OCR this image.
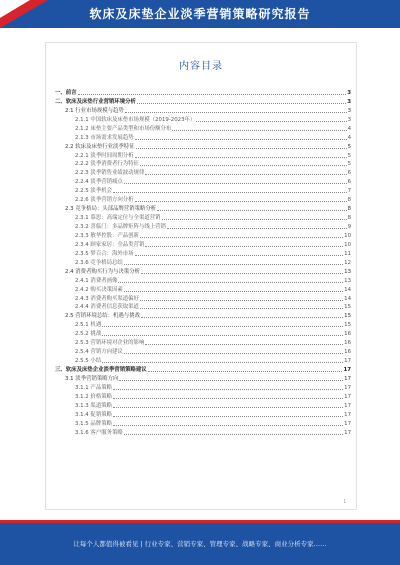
软床及床垫企业淡季营销策略研究报告
内容目录
一、前言	3
二、软床及床垫行业营销环境分析	3
2.1 行业市场规模与趋势	3
2.1.1 中国软床及床垫市场规模（2019-2023年）	3
2.1.2 床垫主要产品类型和市场份额分布	4
2.1.3 市场需求发展趋势	4
2.2 软床及床垫行业淡季特征	5
2.2.1 淡季时间周期分析	5
2.2.2 淡季消费者行为特征	5
2.2.3 淡季销售业绩波动规律	6
2.2.4 淡季营销痛点	6
2.2.5 淡季机会	7
2.2.6 淡季营销方向分析	8
2.3 竞争格局：头部品牌营销策略分析	8
2.3.1 慕思：高端定位与全渠道营销	8
2.3.2 喜临门：多品牌矩阵与线上营销	9
2.3.3 敏华控股：产品创新	10
2.3.4 顾家家居：全品类营销	10
2.3.5 梦百合：海外市场	11
2.3.6 竞争格局总结	12
2.4 消费者购买行为与决策分析	13
2.4.1 消费者画像	13
2.4.2 购买决策因素	14
2.4.3 消费者购买渠道偏好	14
2.4.4 消费者信息获取渠道	15
2.5 营销环境总结：机遇与挑战	15
2.5.1 机遇	15
2.5.2 挑战	16
2.5.3 营销环境对企业的影响	16
2.5.4 营销方向建议	16
2.5.5 小结	17
三、软床及床垫企业淡季营销策略建议	17
3.1 淡季营销策略方向	17
3.1.1 产品策略	17
3.1.2 价格策略	17
3.1.3 渠道策略	17
3.1.4 促销策略	17
3.1.5 品牌策略	17
3.1.6 客户服务策略	17
1
让每个人都值得被看见 | 行业专家、营销专家、管理专家、战略专家、商业分析专家……
